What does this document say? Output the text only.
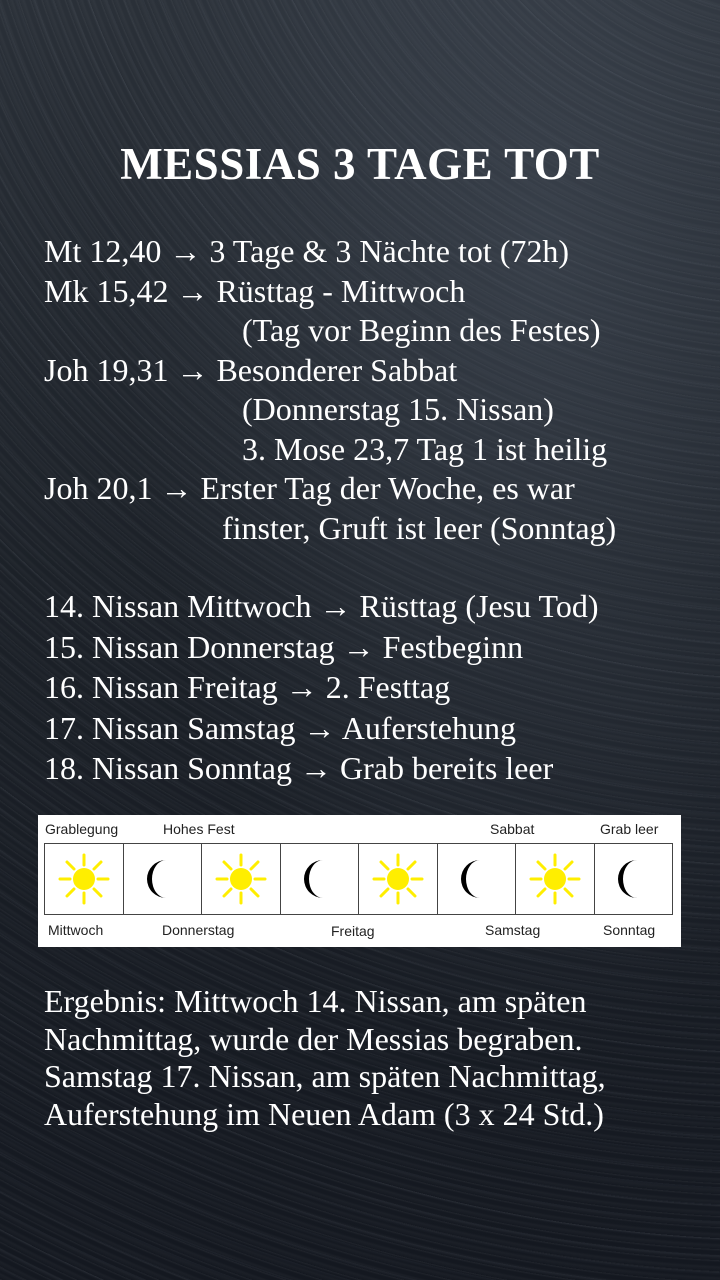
MESSIAS 3 TAGE TOT
Mt 12,40 → 3 Tage & 3 Nächte tot (72h)
Mk 15,42 → Rüsttag - Mittwoch
(Tag vor Beginn des Festes)
Joh 19,31 → Besonderer Sabbat
(Donnerstag 15. Nissan)
3. Mose 23,7 Tag 1 ist heilig
Joh 20,1 → Erster Tag der Woche, es war
finster, Gruft ist leer (Sonntag)
14. Nissan Mittwoch → Rüsttag (Jesu Tod)
15. Nissan Donnerstag → Festbeginn
16. Nissan Freitag → 2. Festtag
17. Nissan Samstag → Auferstehung
18. Nissan Sonntag → Grab bereits leer
Grablegung	Hohes Fest	Sabbat	Grab leer
Mittwoch	Donnerstag	Freitag	Samstag	Sonntag
Ergebnis: Mittwoch 14. Nissan, am späten
Nachmittag, wurde der Messias begraben.
Samstag 17. Nissan, am späten Nachmittag,
Auferstehung im Neuen Adam (3 x 24 Std.)
